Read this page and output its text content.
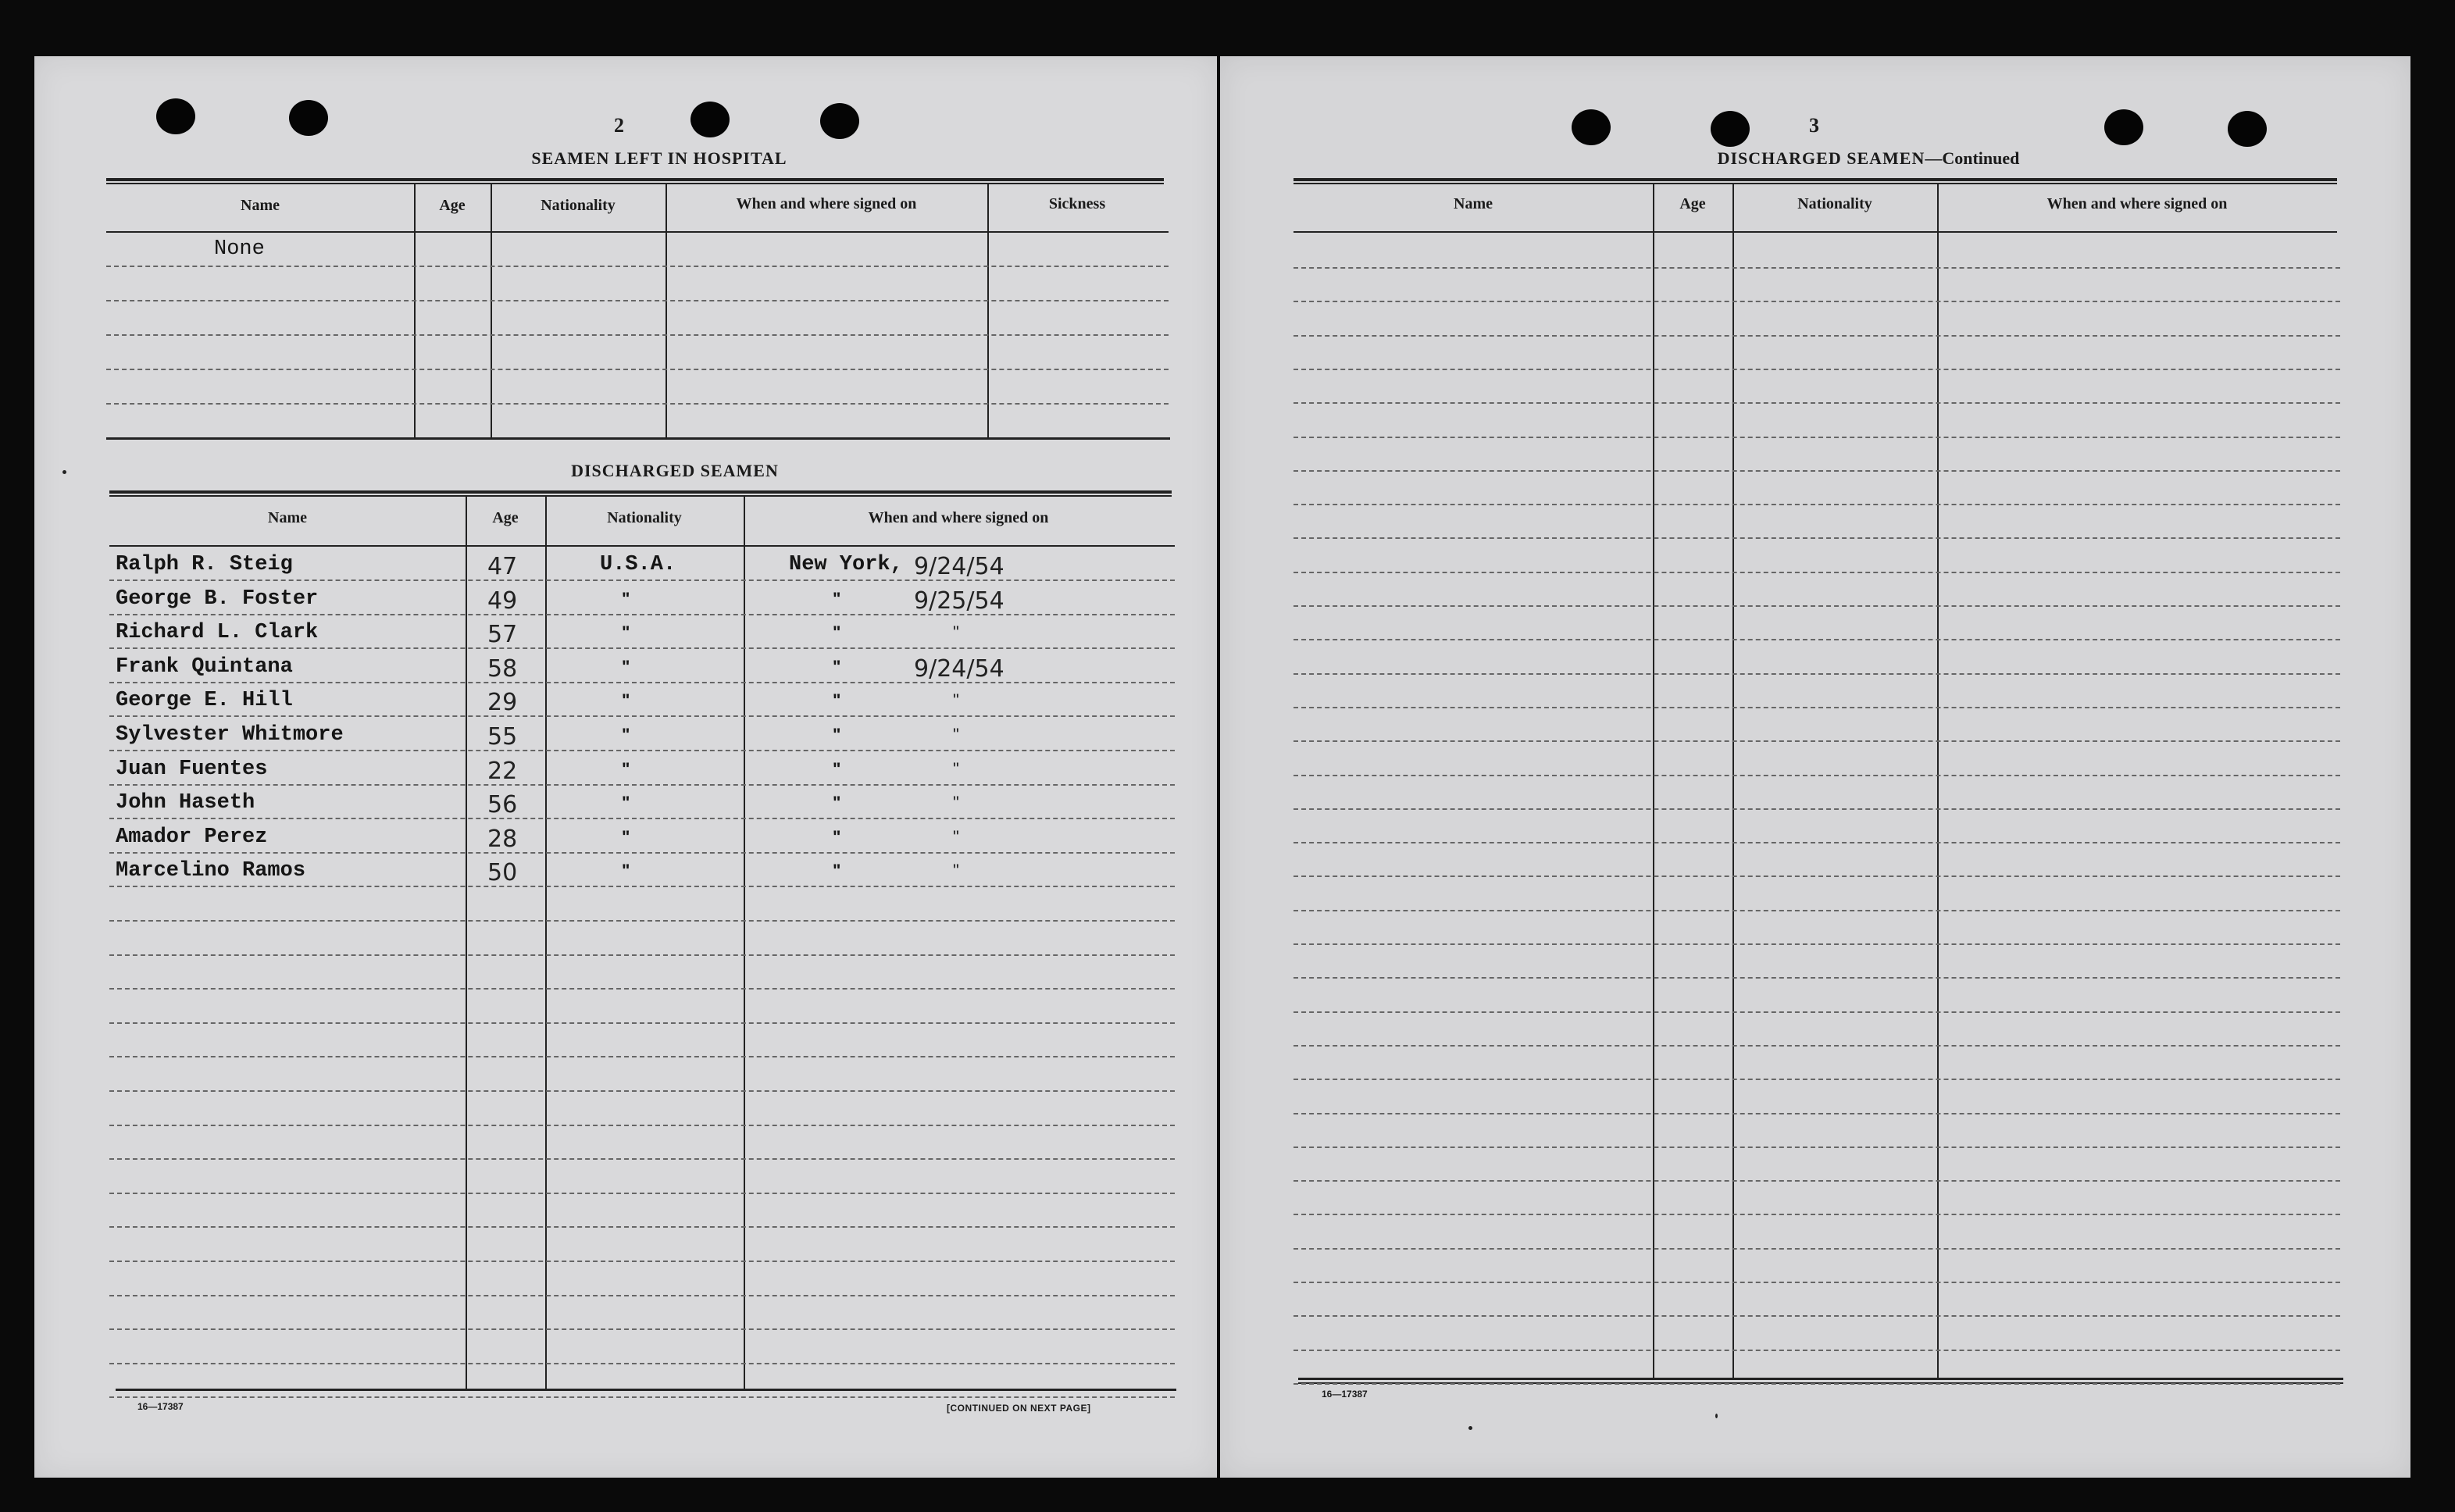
2
SEAMEN LEFT IN HOSPITAL
Name	Age	Nationality	When and where signed on	Sickness
None
DISCHARGED SEAMEN
Name	Age	Nationality	When and where signed on
Ralph R. Steig	47	U.S.A.	New York, 9/24/54
George B. Foster	49	"	"	9/25/54
Richard L. Clark	57	"	"	"
Frank Quintana	58	"	"	9/24/54
George E. Hill	29	"	"	"
Sylvester Whitmore	55	"	"	"
Juan Fuentes	22	"	"	"
John Haseth	56	"	"	"
Amador Perez	28	"	"	"
Marcelino Ramos	50	"	"	"
16—17387	[CONTINUED ON NEXT PAGE]
3
DISCHARGED SEAMEN—Continued
Name	Age	Nationality	When and where signed on
16—17387
